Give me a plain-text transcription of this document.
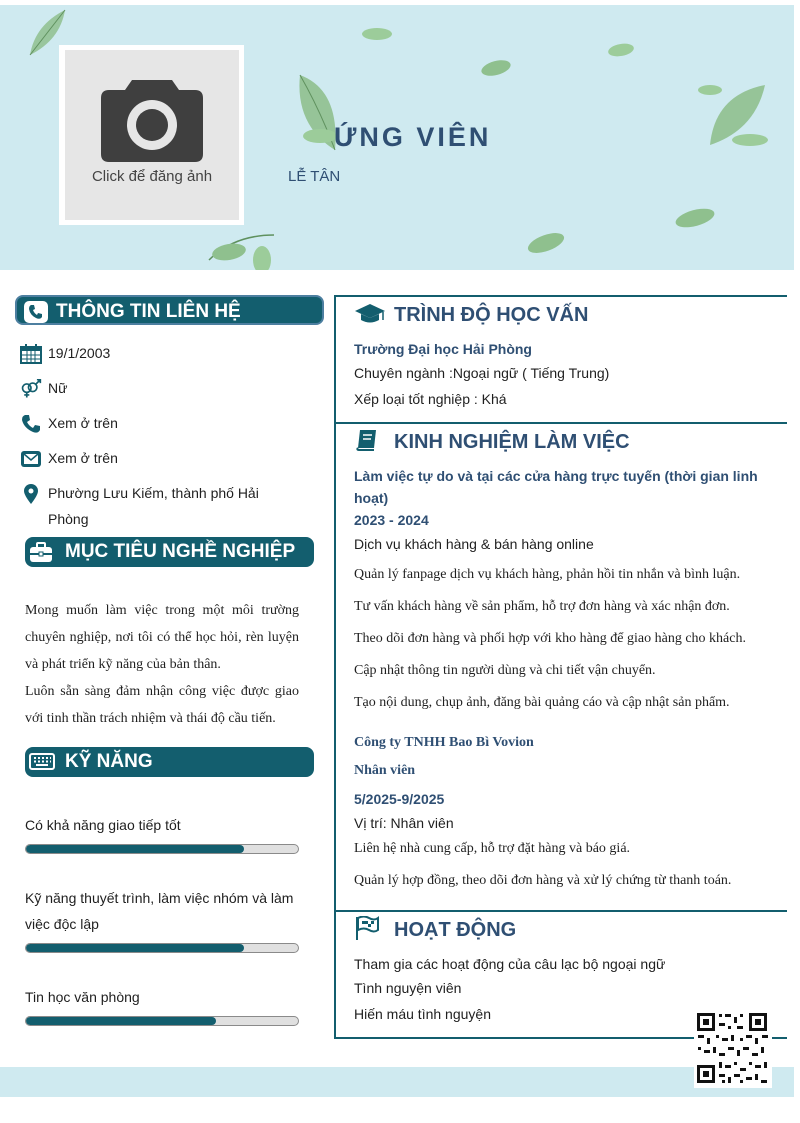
Click để đăng ảnh
ỨNG VIÊN
LỄ TÂN
THÔNG TIN LIÊN HỆ
19/1/2003
Nữ
Xem ở trên
Xem ở trên
Phường Lưu Kiếm, thành phố Hải Phòng
MỤC TIÊU NGHỀ NGHIỆP
Mong muốn làm việc trong một môi trường chuyên nghiệp, nơi tôi có thể học hỏi, rèn luyện và phát triển kỹ năng của bản thân.
Luôn sẵn sàng đảm nhận công việc được giao với tinh thần trách nhiệm và thái độ cầu tiến.
KỸ NĂNG
Có khả năng giao tiếp tốt
Kỹ năng thuyết trình, làm việc nhóm và làm việc độc lập
Tin học văn phòng
TRÌNH ĐỘ HỌC VẤN
Trường Đại học Hải Phòng
Chuyên ngành :Ngoại ngữ ( Tiếng Trung)
Xếp loại tốt nghiệp : Khá
KINH NGHIỆM LÀM VIỆC
Làm việc tự do và tại các cửa hàng trực tuyến (thời gian linh hoạt)
2023 - 2024
Dịch vụ khách hàng & bán hàng online
Quản lý fanpage dịch vụ khách hàng, phản hồi tin nhắn và bình luận.
Tư vấn khách hàng về sản phẩm, hỗ trợ đơn hàng và xác nhận đơn.
Theo dõi đơn hàng và phối hợp với kho hàng để giao hàng cho khách.
Cập nhật thông tin người dùng và chi tiết vận chuyển.
Tạo nội dung, chụp ảnh, đăng bài quảng cáo và cập nhật sản phẩm.
Công ty TNHH Bao Bì Vovion
Nhân viên
5/2025-9/2025
Vị trí: Nhân viên
Liên hệ nhà cung cấp, hỗ trợ đặt hàng và báo giá.
Quản lý hợp đồng, theo dõi đơn hàng và xử lý chứng từ thanh toán.
HOẠT ĐỘNG
Tham gia các hoạt động của câu lạc bộ ngoại ngữ
Tình nguyện viên
Hiến máu tình nguyện
